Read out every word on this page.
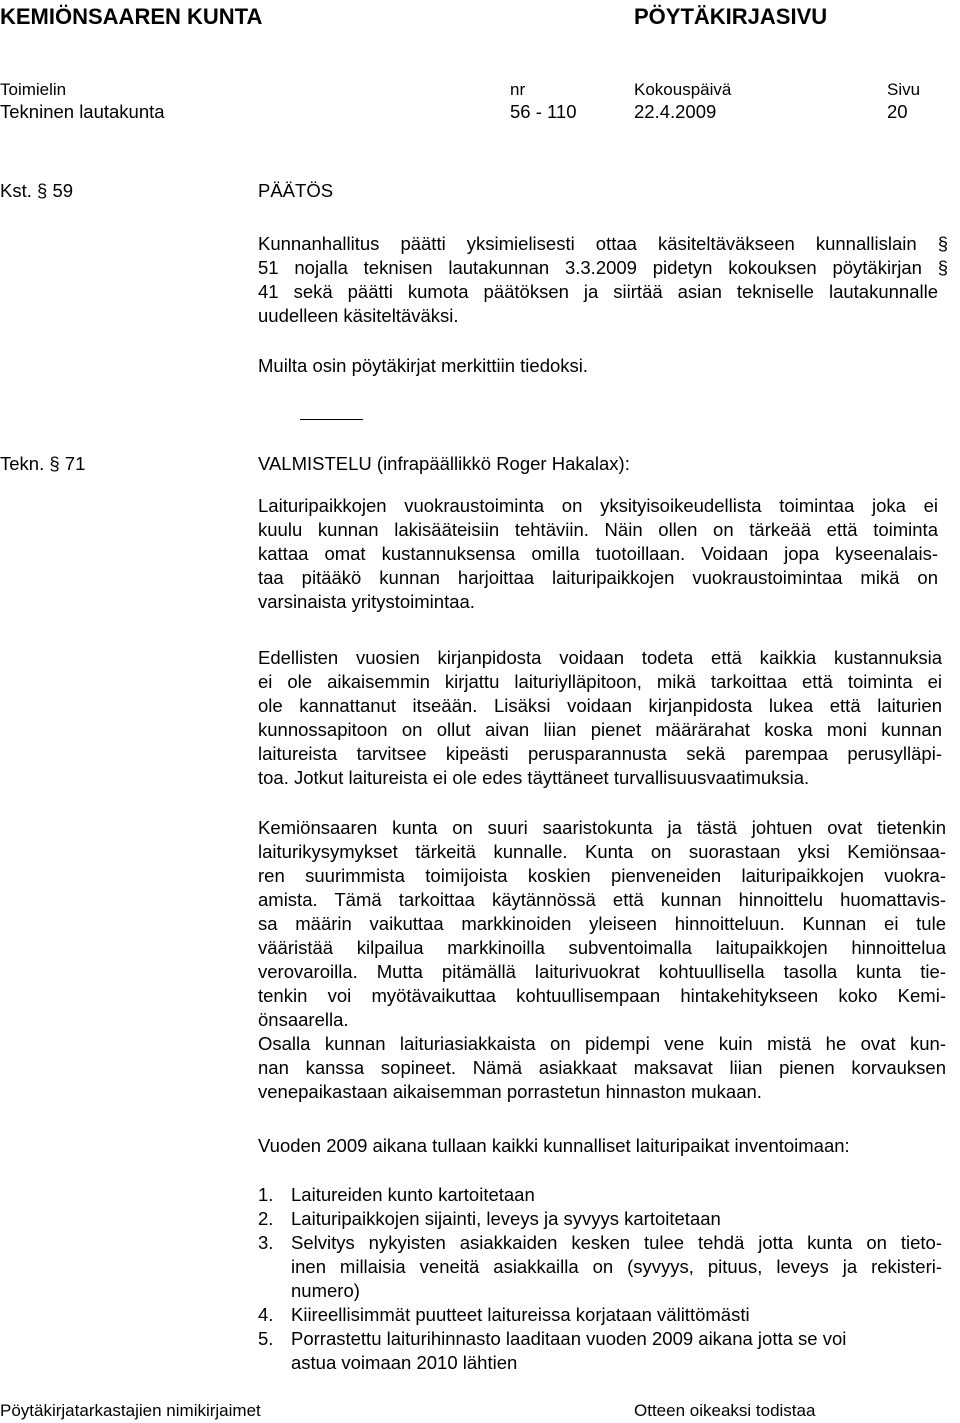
KEMIÖNSAAREN KUNTA	PÖYTÄKIRJASIVU
Toimielin	nr	Kokouspäivä	Sivu
Tekninen lautakunta	56 - 110	22.4.2009	20
Kst. § 59	PÄÄTÖS
Kunnanhallitus päätti yksimielisesti ottaa käsiteltäväkseen kunnallislain §
51 nojalla teknisen lautakunnan 3.3.2009 pidetyn kokouksen pöytäkirjan §
41 sekä päätti kumota päätöksen ja siirtää asian tekniselle lautakunnalle
uudelleen käsiteltäväksi.
Muilta osin pöytäkirjat merkittiin tiedoksi.
Tekn. § 71	VALMISTELU (infrapäällikkö Roger Hakalax):
Laituripaikkojen vuokraustoiminta on yksityisoikeudellista toimintaa joka ei
kuulu kunnan lakisääteisiin tehtäviin. Näin ollen on tärkeää että toiminta
kattaa omat kustannuksensa omilla tuotoillaan. Voidaan jopa kyseenalais-
taa pitääkö kunnan harjoittaa laituripaikkojen vuokraustoimintaa mikä on
varsinaista yritystoimintaa.
Edellisten vuosien kirjanpidosta voidaan todeta että kaikkia kustannuksia
ei ole aikaisemmin kirjattu laituriylläpitoon, mikä tarkoittaa että toiminta ei
ole kannattanut itseään. Lisäksi voidaan kirjanpidosta lukea että laiturien
kunnossapitoon on ollut aivan liian pienet määrärahat koska moni kunnan
laitureista tarvitsee kipeästi perusparannusta sekä parempaa perusylläpi-
toa. Jotkut laitureista ei ole edes täyttäneet turvallisuusvaatimuksia.
Kemiönsaaren kunta on suuri saaristokunta ja tästä johtuen ovat tietenkin
laiturikysymykset tärkeitä kunnalle. Kunta on suorastaan yksi Kemiönsaa-
ren suurimmista toimijoista koskien pienveneiden laituripaikkojen vuokra-
amista. Tämä tarkoittaa käytännössä että kunnan hinnoittelu huomattavis-
sa määrin vaikuttaa markkinoiden yleiseen hinnoitteluun. Kunnan ei tule
vääristää kilpailua markkinoilla subventoimalla laitupaikkojen hinnoittelua
verovaroilla. Mutta pitämällä laiturivuokrat kohtuullisella tasolla kunta tie-
tenkin voi myötävaikuttaa kohtuullisempaan hintakehitykseen koko Kemi-
önsaarella.
Osalla kunnan laituriasiakkaista on pidempi vene kuin mistä he ovat kun-
nan kanssa sopineet. Nämä asiakkaat maksavat liian pienen korvauksen
venepaikastaan aikaisemman porrastetun hinnaston mukaan.
Vuoden 2009 aikana tullaan kaikki kunnalliset laituripaikat inventoimaan:
1. Laitureiden kunto kartoitetaan
2. Laituripaikkojen sijainti, leveys ja syvyys kartoitetaan
3. Selvitys nykyisten asiakkaiden kesken tulee tehdä jotta kunta on tieto-
inen millaisia veneitä asiakkailla on (syvyys, pituus, leveys ja rekisteri-
numero)
4. Kiireellisimmät puutteet laitureissa korjataan välittömästi
5. Porrastettu laiturihinnasto laaditaan vuoden 2009 aikana jotta se voi
astua voimaan 2010 lähtien
Pöytäkirjatarkastajien nimikirjaimet	Otteen oikeaksi todistaa
